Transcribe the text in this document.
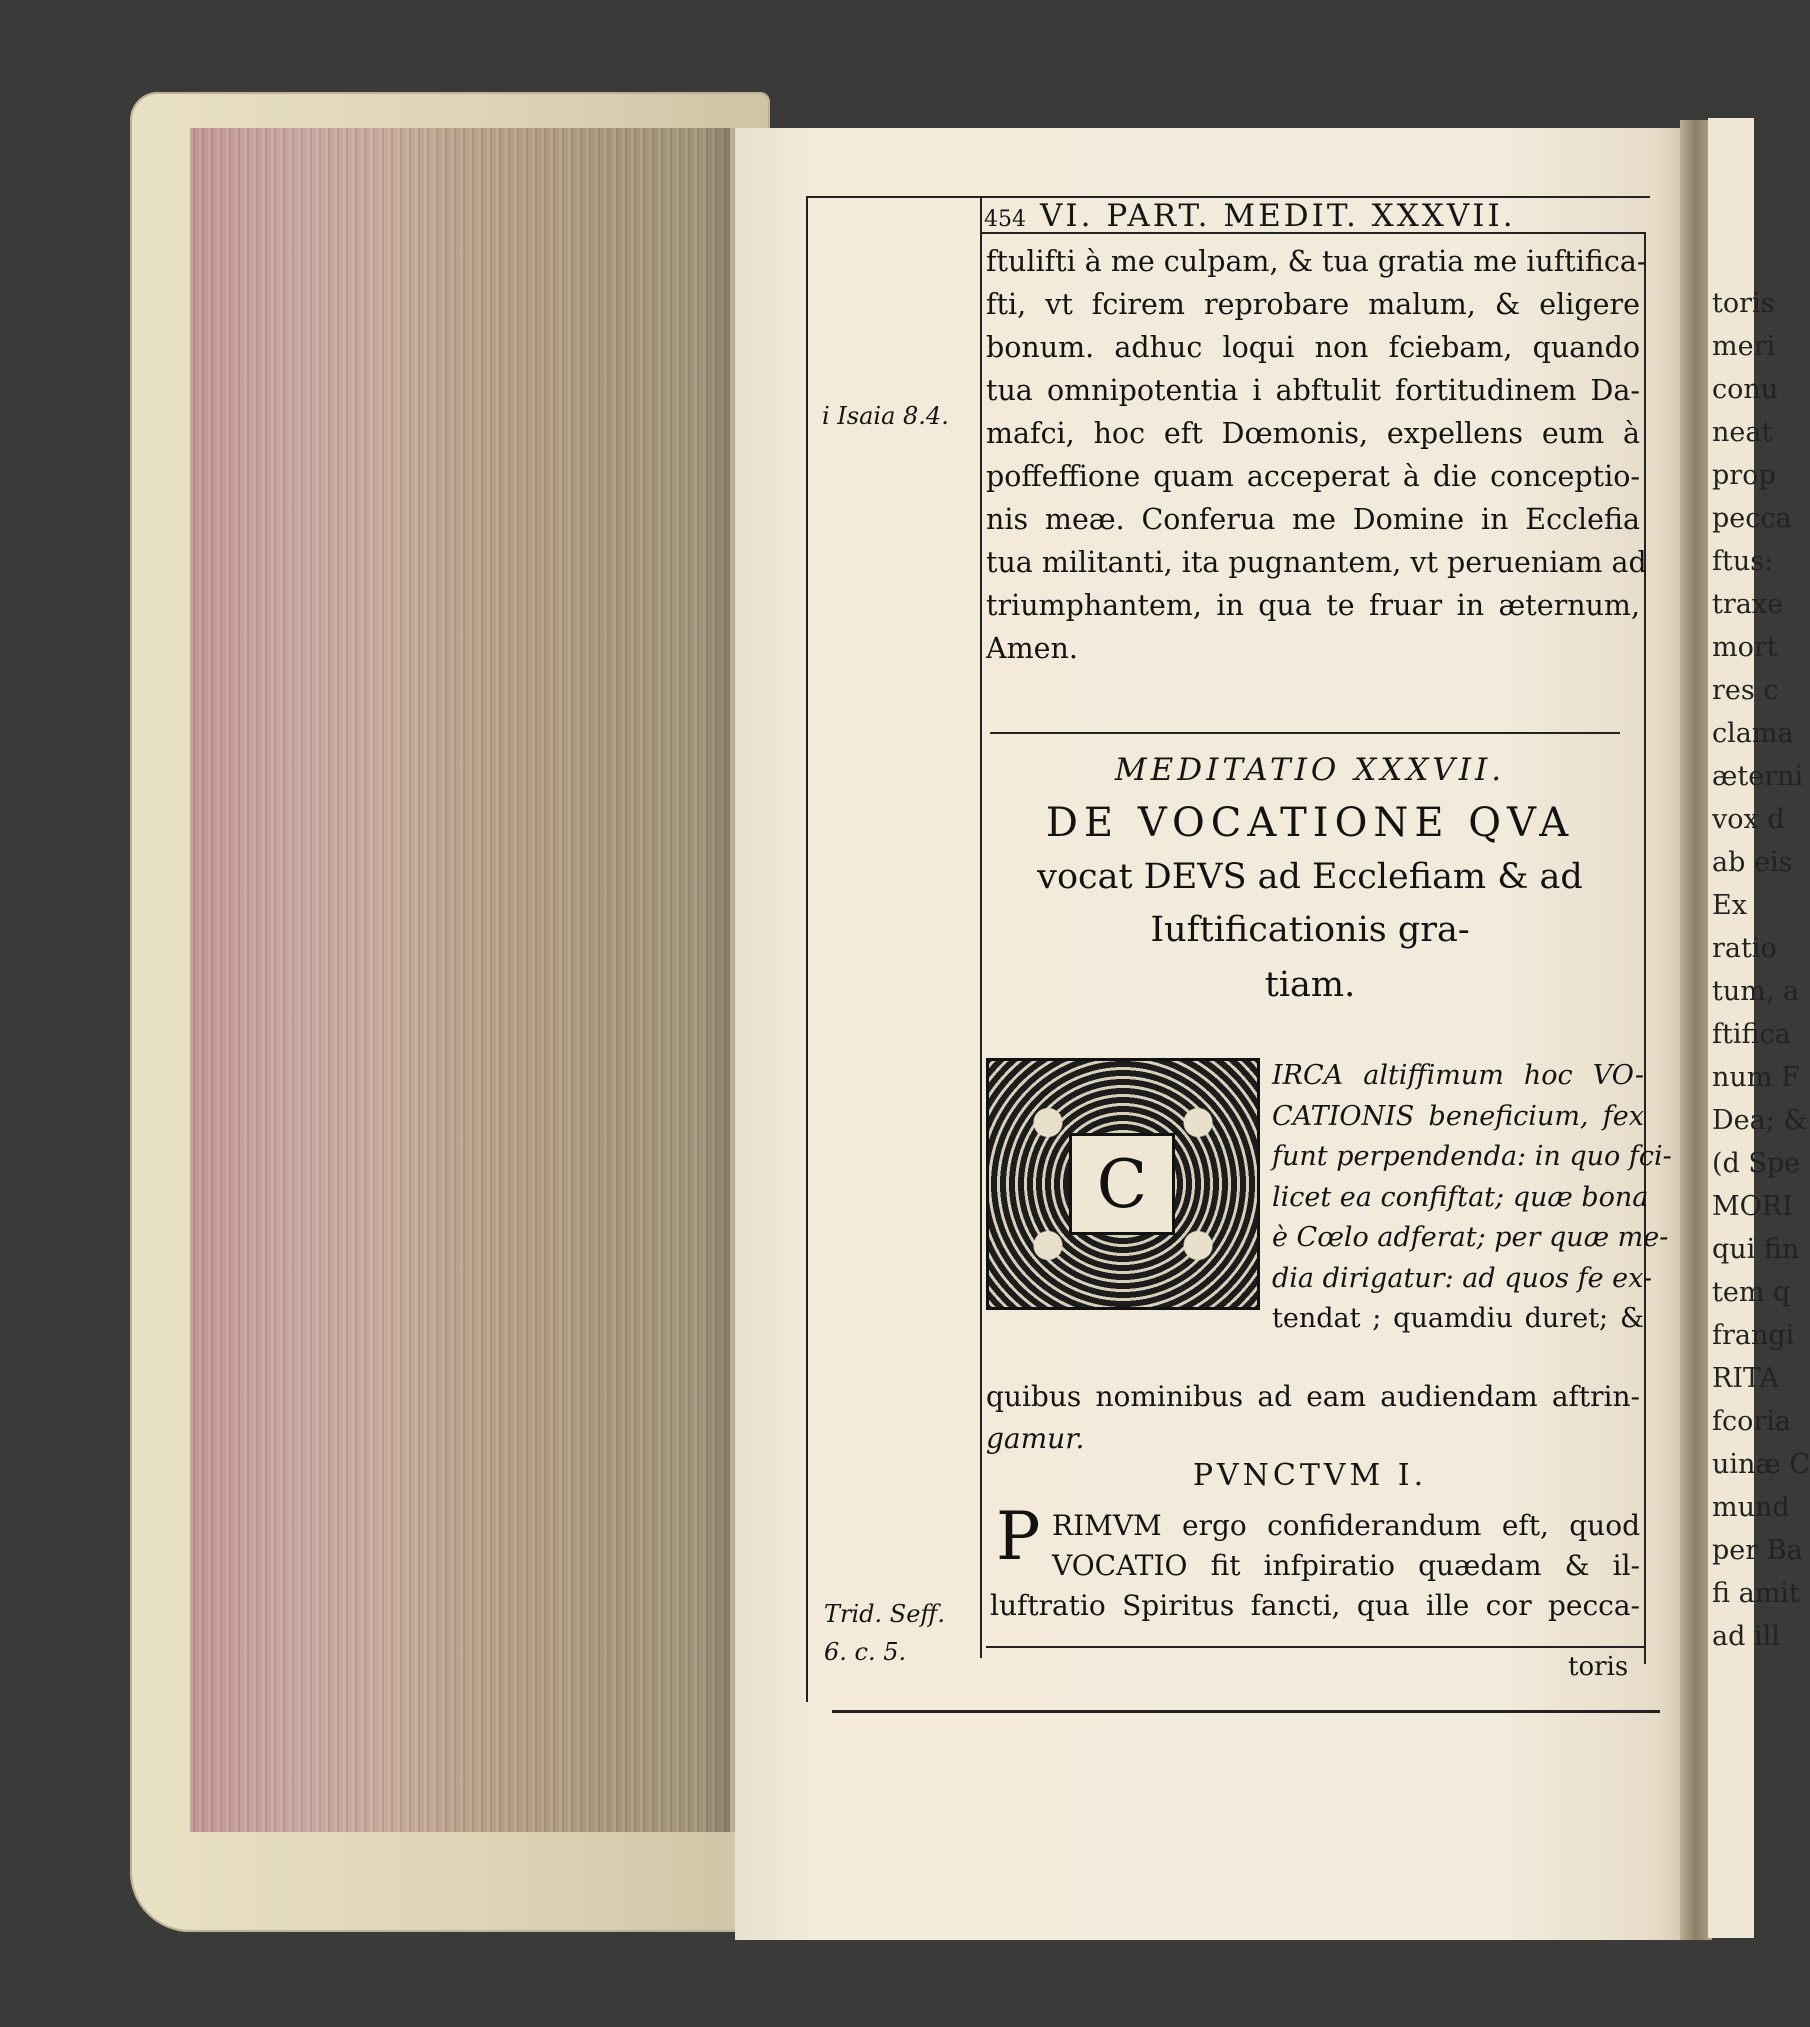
toris
meri
conu
neat
prop
pecca
ftus:
traxe
mort
res c
clama
æterni
vox d
ab eis
Ex
ratio
tum, a
ftifica
num F
Dea; &
(d Spe
MORI
qui fin
tem q
frangi
RITA
fcoria
uinæ C
mund
per Ba
fi amit
ad ill
454 VI. PART. MEDIT. XXXVII.
ftulifti à me culpam, & tua gratia me iuftifica-
fti, vt fcirem reprobare malum, & eligere
bonum. adhuc loqui non fciebam, quando
tua omnipotentia i abftulit fortitudinem Da-
mafci, hoc eft Dœmonis, expellens eum à
poffeffione quam acceperat à die conceptio-
nis meæ. Conferua me Domine in Ecclefia
tua militanti, ita pugnantem, vt perueniam ad
triumphantem, in qua te fruar in æternum,
Amen.
i Isaia 8.4.
Trid. Seff.
6. c. 5.
MEDITATIO XXXVII.
DE VOCATIONE QVA
vocat DEVS ad Ecclefiam & ad
Iuftificationis gra-
tiam.
C
IRCA altiffimum hoc VO-
CATIONIS beneficium, fex
funt perpendenda: in quo fci-
licet ea confiftat; quæ bona
è Cœlo adferat; per quæ me-
dia dirigatur: ad quos fe ex-
tendat ; quamdiu duret; &
quibus nominibus ad eam audiendam aftrin-
gamur.
PVNCTVM I.
P RIMVM ergo confiderandum eft, quod
VOCATIO fit infpiratio quædam & il-
luftratio Spiritus fancti, qua ille cor pecca-
toris
